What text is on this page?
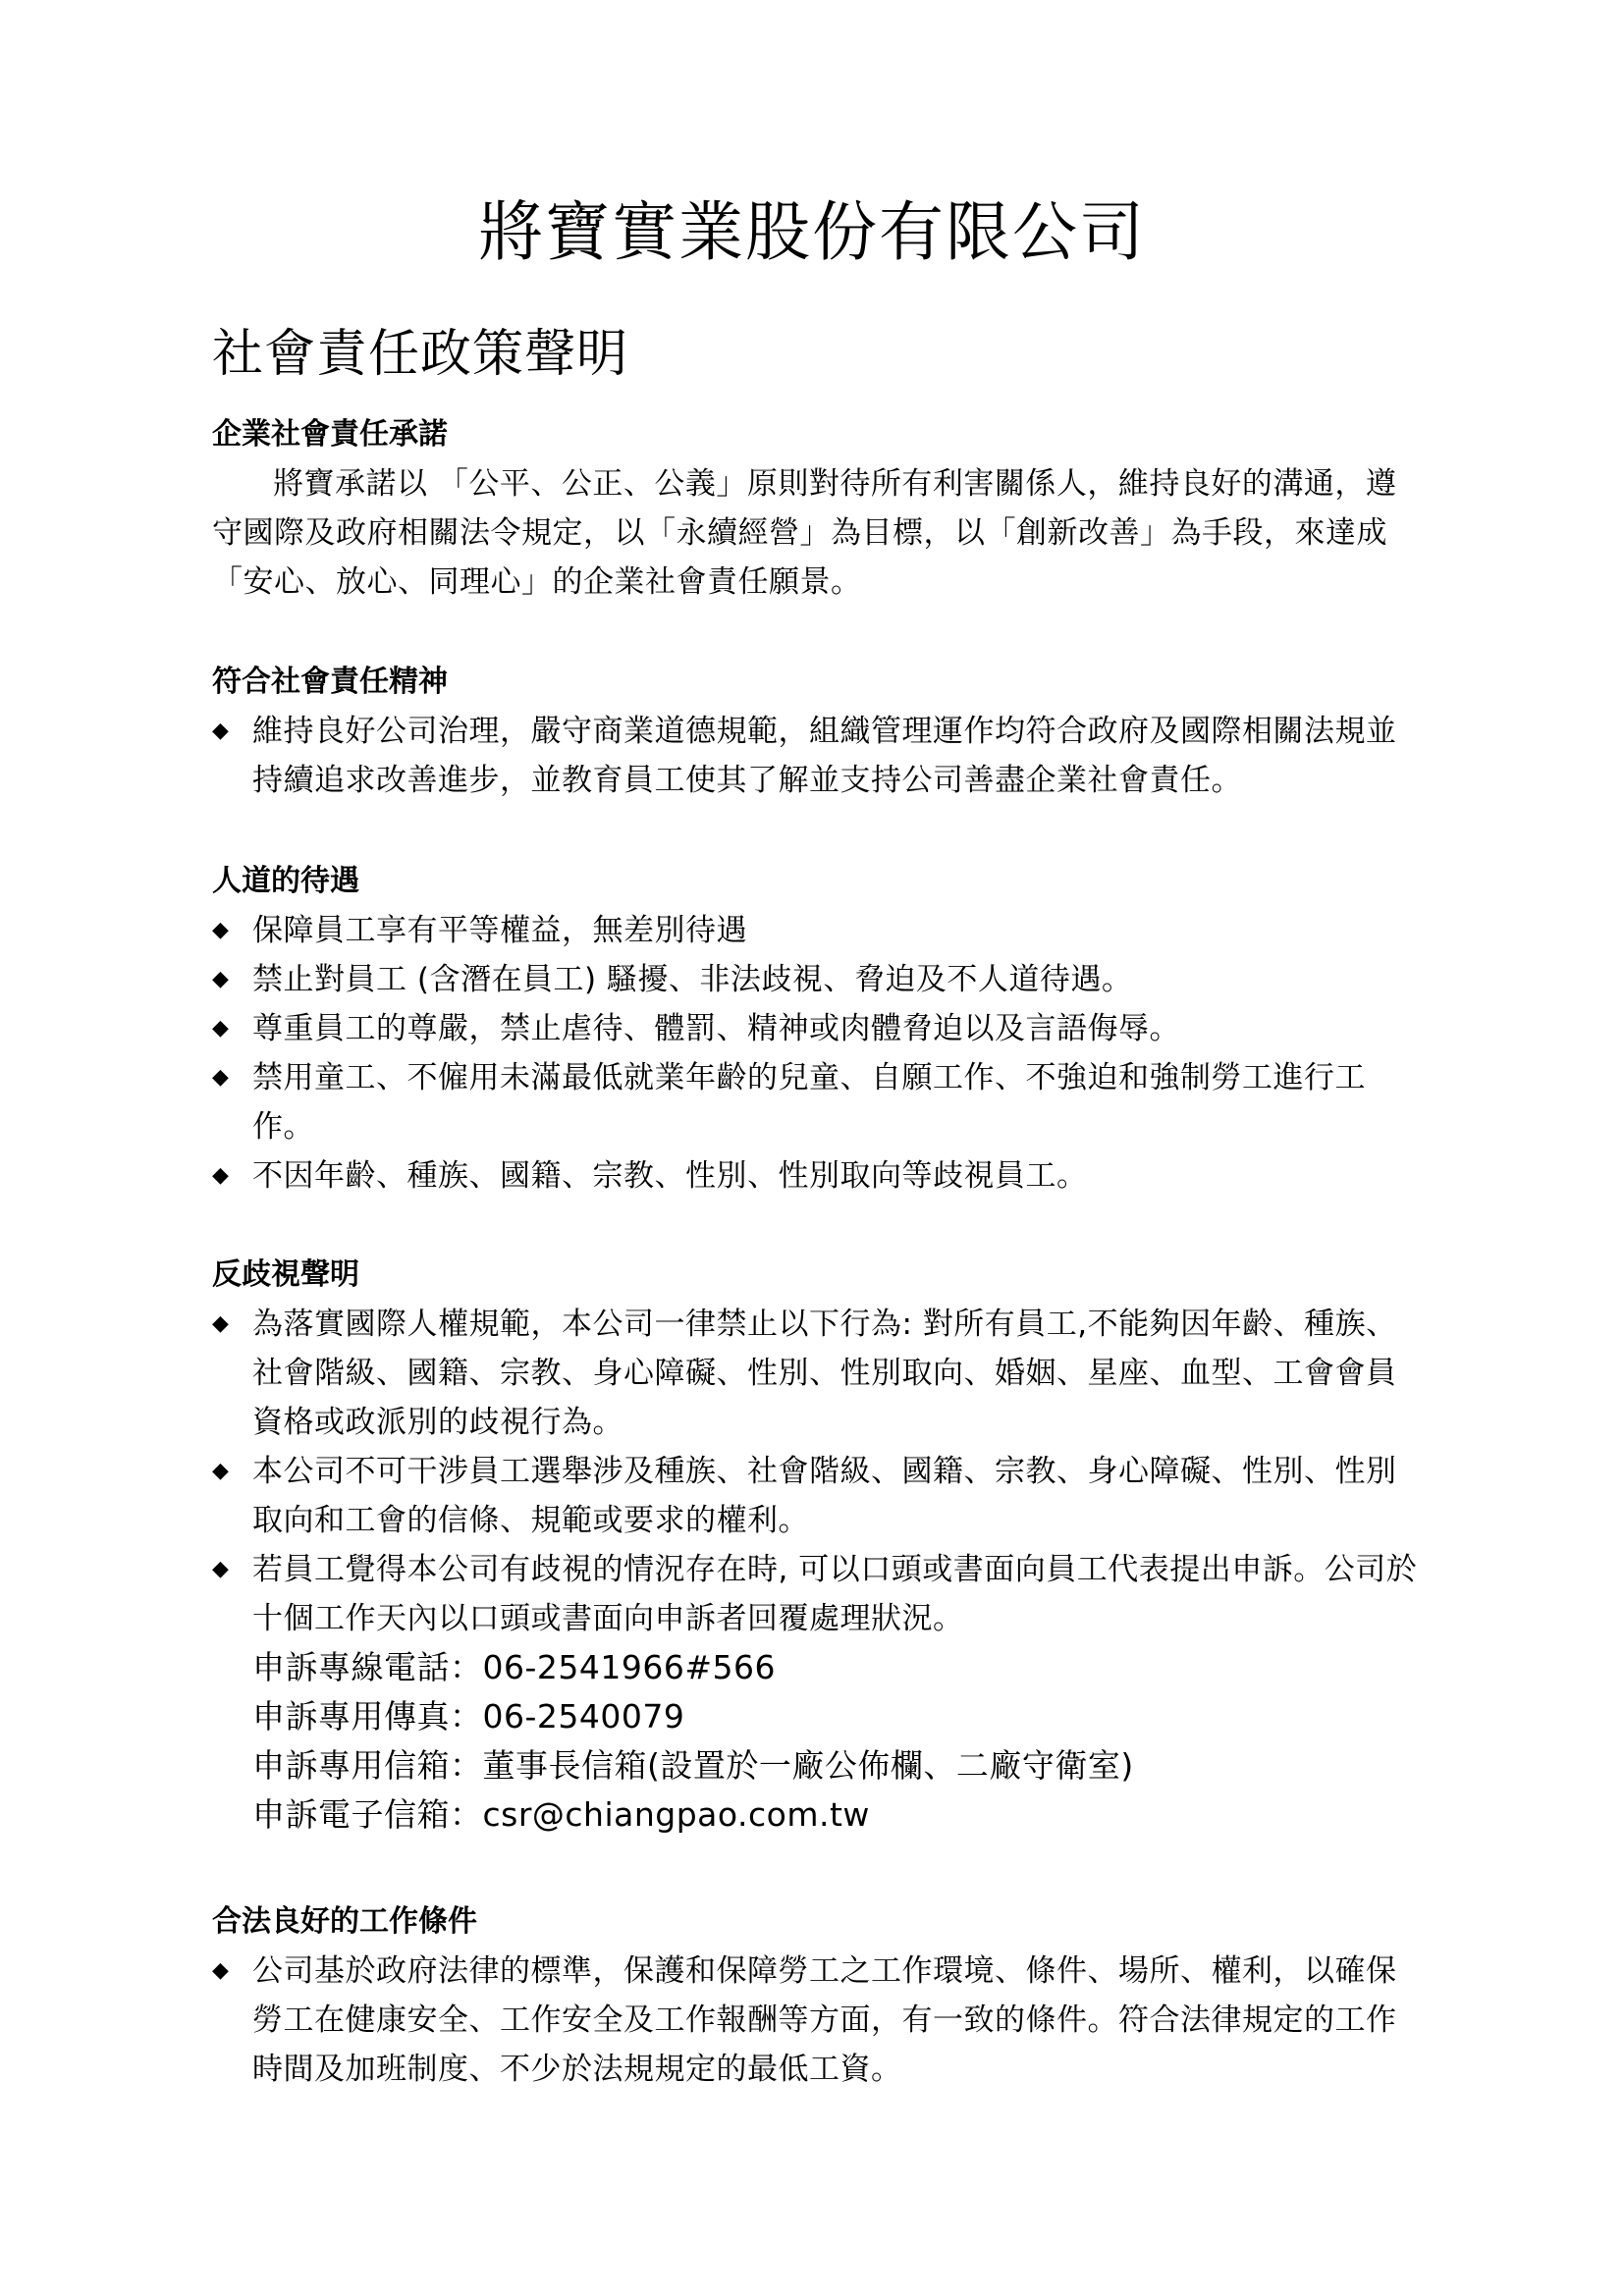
將寶實業股份有限公司
社會責任政策聲明
企業社會責任承諾

將寶承諾以 「公平、公正、公義」原則對待所有利害關係人，維持良好的溝通，遵守國際及政府相關法令規定，以「永續經營」為目標，以「創新改善」為手段，來達成「安心、放心、同理心」的企業社會責任願景。

符合社會責任精神
◆ 維持良好公司治理，嚴守商業道德規範，組織管理運作均符合政府及國際相關法規並持續追求改善進步，並教育員工使其了解並支持公司善盡企業社會責任。
人道的待遇
◆ 保障員工享有平等權益，無差別待遇
◆ 禁止對員工 (含潛在員工) 騷擾、非法歧視、脅迫及不人道待遇。
◆ 尊重員工的尊嚴，禁止虐待、體罰、精神或肉體脅迫以及言語侮辱。
◆ 禁用童工、不僱用未滿最低就業年齡的兒童、自願工作、不強迫和強制勞工進行工作。
◆ 不因年齡、種族、國籍、宗教、性別、性別取向等歧視員工。
反歧視聲明
◆ 為落實國際人權規範，本公司一律禁止以下行為: 對所有員工,不能夠因年齡、種族、社會階級、國籍、宗教、身心障礙、性別、性別取向、婚姻、星座、血型、工會會員資格或政派別的歧視行為。
◆ 本公司不可干涉員工選舉涉及種族、社會階級、國籍、宗教、身心障礙、性別、性別取向和工會的信條、規範或要求的權利。
◆ 若員工覺得本公司有歧視的情況存在時, 可以口頭或書面向員工代表提出申訴。公司於十個工作天內以口頭或書面向申訴者回覆處理狀況。
申訴專線電話：06-2541966#566
申訴專用傳真：06-2540079
申訴專用信箱：董事長信箱(設置於一廠公佈欄、二廠守衛室)
申訴電子信箱：csr@chiangpao.com.tw
合法良好的工作條件
◆ 公司基於政府法律的標準，保護和保障勞工之工作環境、條件、場所、權利，以確保勞工在健康安全、工作安全及工作報酬等方面，有一致的條件。符合法律規定的工作時間及加班制度、不少於法規規定的最低工資。
